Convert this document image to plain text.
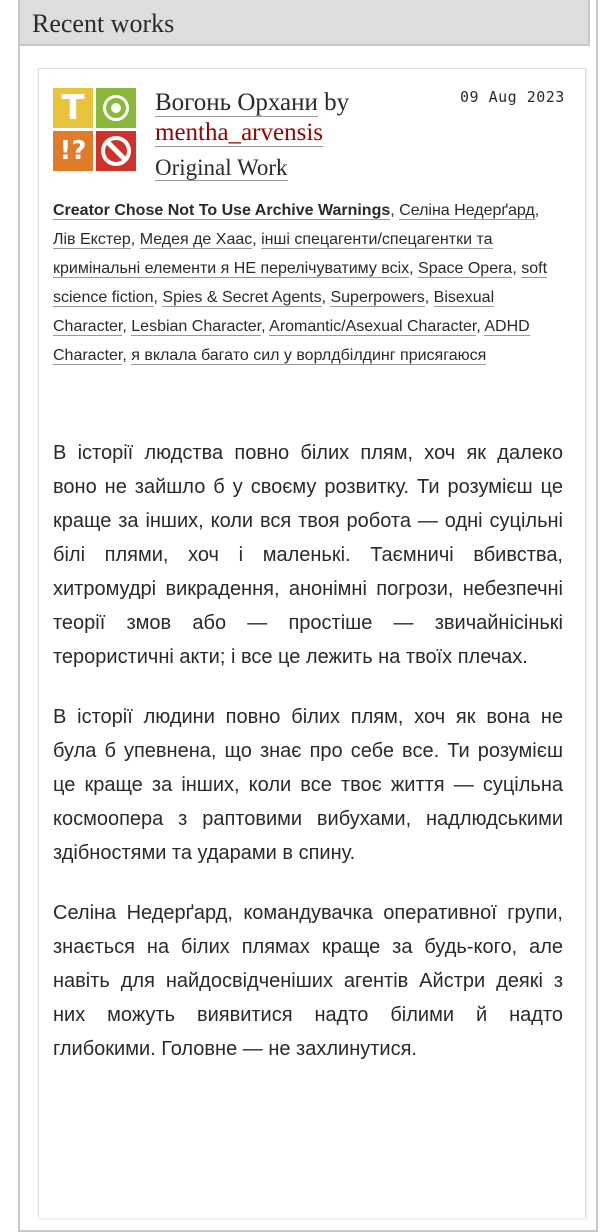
Recent works
T
!?
Вогонь Орхани by
mentha_arvensis
Original Work
09 Aug 2023
Creator Chose Not To Use Archive Warnings, Селіна Недерґард, Лів Екстер, Медея де Хаас, інші спецагенти/спецагентки та кримінальні елементи я НЕ перелічуватиму всіх, Space Opera, soft science fiction, Spies & Secret Agents, Superpowers, Bisexual Character, Lesbian Character, Aromantic/Asexual Character, ADHD Character, я вклала багато сил у ворлдбілдинг присягаюся

В історії людства повно білих плям, хоч як далеко воно не зайшло б у своєму розвитку. Ти розумієш це краще за інших, коли вся твоя робота — одні суцільні білі плями, хоч і маленькі. Таємничі вбивства, хитромудрі викрадення, анонімні погрози, небезпечні теорії змов або — простіше — звичайнісінькі терористичні акти; і все це лежить на твоїх плечах.

В історії людини повно білих плям, хоч як вона не була б упевнена, що знає про себе все. Ти розумієш це краще за інших, коли все твоє життя — суцільна космоопера з раптовими вибухами, надлюдськими здібностями та ударами в спину.

Селіна Недерґард, командувачка оперативної групи, знається на білих плямах краще за будь-кого, але навіть для найдосвідченіших агентів Айстри деякі з них можуть виявитися надто білими й надто глибокими. Головне — не захлинутися.
